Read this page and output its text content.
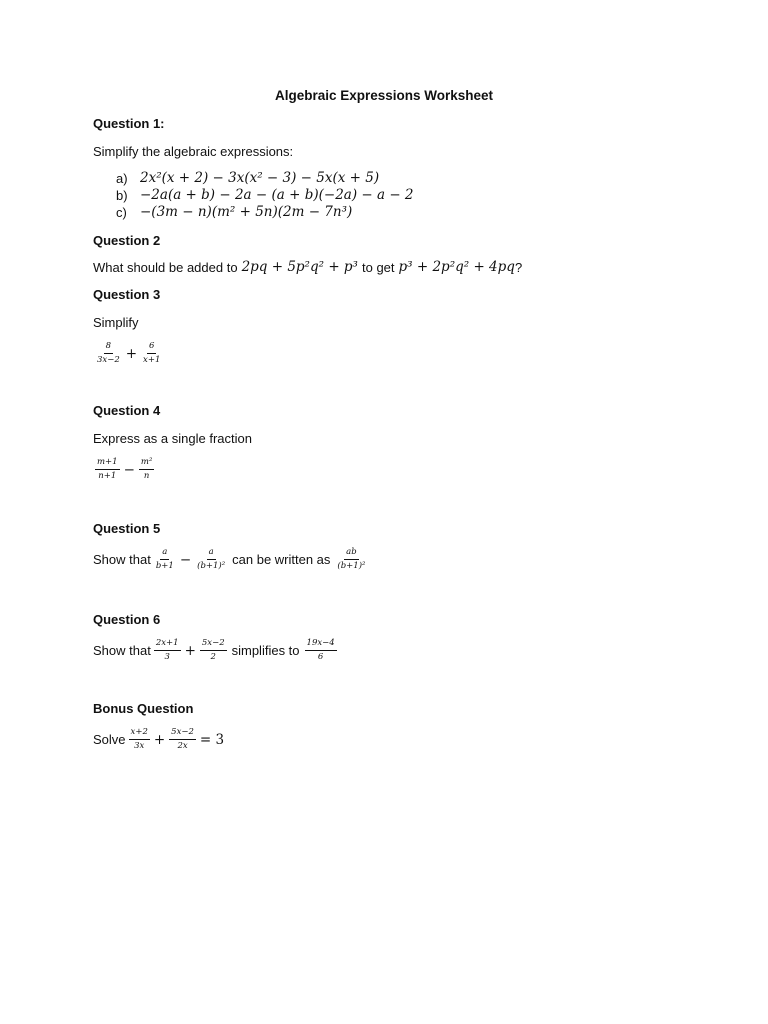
Algebraic Expressions Worksheet
Question 1:
Simplify the algebraic expressions:
a) 2x²(x + 2) − 3x(x² − 3) − 5x(x + 5)
b) −2a(a + b) − 2a − (a + b)(−2a) − a − 2
c) −(3m − n)(m² + 5n)(2m − 7n³)
Question 2
What should be added to 2pq + 5p²q² + p³ to get p³ + 2p²q² + 4pq ?
Question 3
Simplify
$\frac{8}{3x-2} + \frac{6}{x+1}$
Question 4
Express as a single fraction
$\frac{m+1}{n+1} - \frac{\text{m²}}{n}$
Question 5
Show that $\frac{a}{b+1} - \frac{a}{\text{(b+1)²}}$ can be written as $\frac{ab}{\text{(b+1)²}}$
Question 6
Show that $\frac{2x+1}{3} + \frac{5x-2}{2}$ simplifies to $\frac{19x-4}{6}$
Bonus Question
Solve $\frac{x+2}{3x} + \frac{5x-2}{2x} = 3$
